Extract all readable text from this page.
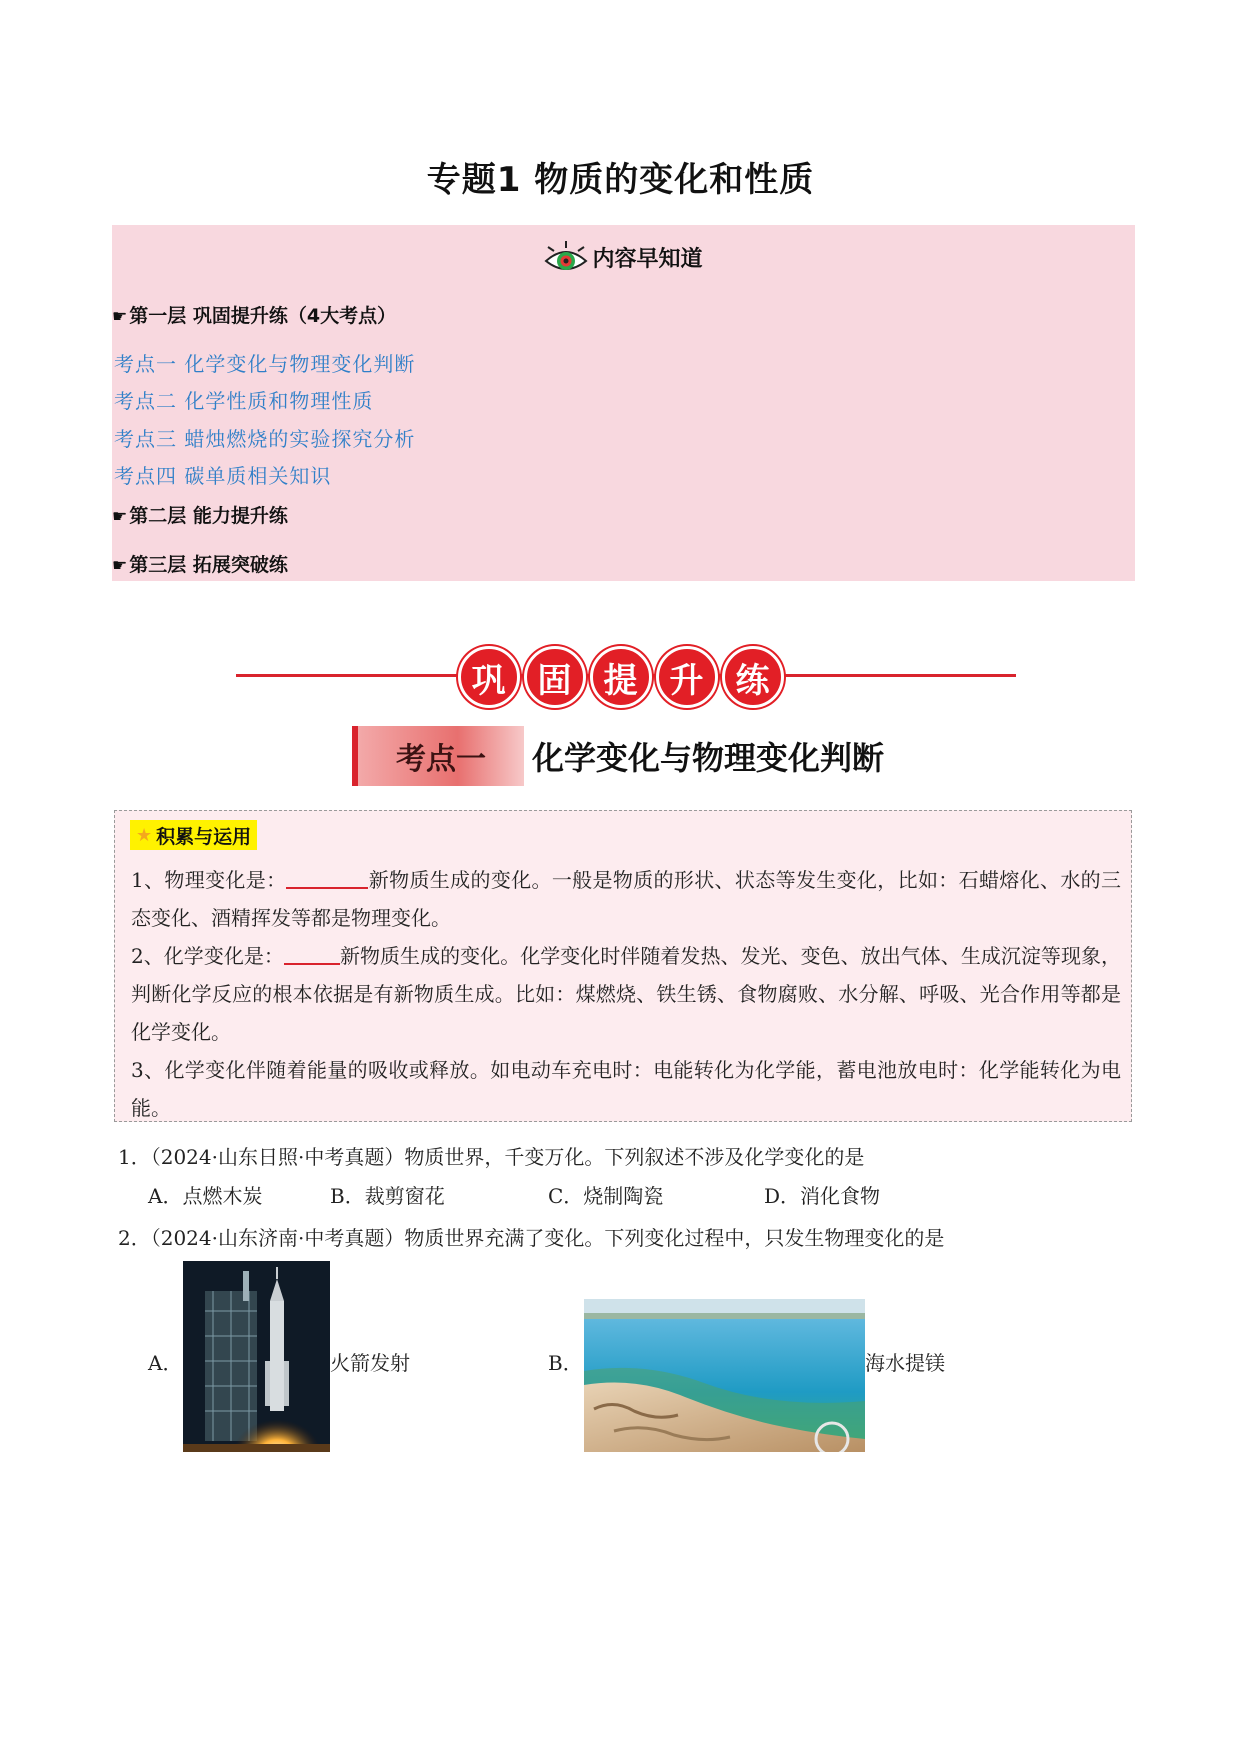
专题1 物质的变化和性质
内容早知道
☛ 第一层 巩固提升练（4大考点）
考点一 化学变化与物理变化判断
考点二 化学性质和物理性质
考点三 蜡烛燃烧的实验探究分析
考点四 碳单质相关知识
☛ 第二层 能力提升练
☛ 第三层 拓展突破练
巩 固 提 升 练
考点一	化学变化与物理变化判断
★ 积累与运用

1、物理变化是：	新物质生成的变化。一般是物质的形状、状态等发生变化，比如：石蜡熔化、水的三态变化、酒精挥发等都是物理变化。

2、化学变化是：	新物质生成的变化。化学变化时伴随着发热、发光、变色、放出气体、生成沉淀等现象，判断化学反应的根本依据是有新物质生成。比如：煤燃烧、铁生锈、食物腐败、水分解、呼吸、光合作用等都是化学变化。

3、化学变化伴随着能量的吸收或释放。如电动车充电时：电能转化为化学能，蓄电池放电时：化学能转化为电能。

1．（2024·山东日照·中考真题）物质世界，千变万化。下列叙述不涉及化学变化的是
A．点燃木炭	B．裁剪窗花	C．烧制陶瓷	D．消化食物
2．（2024·山东济南·中考真题）物质世界充满了变化。下列变化过程中，只发生物理变化的是
A．	火箭发射	B．	海水提镁
